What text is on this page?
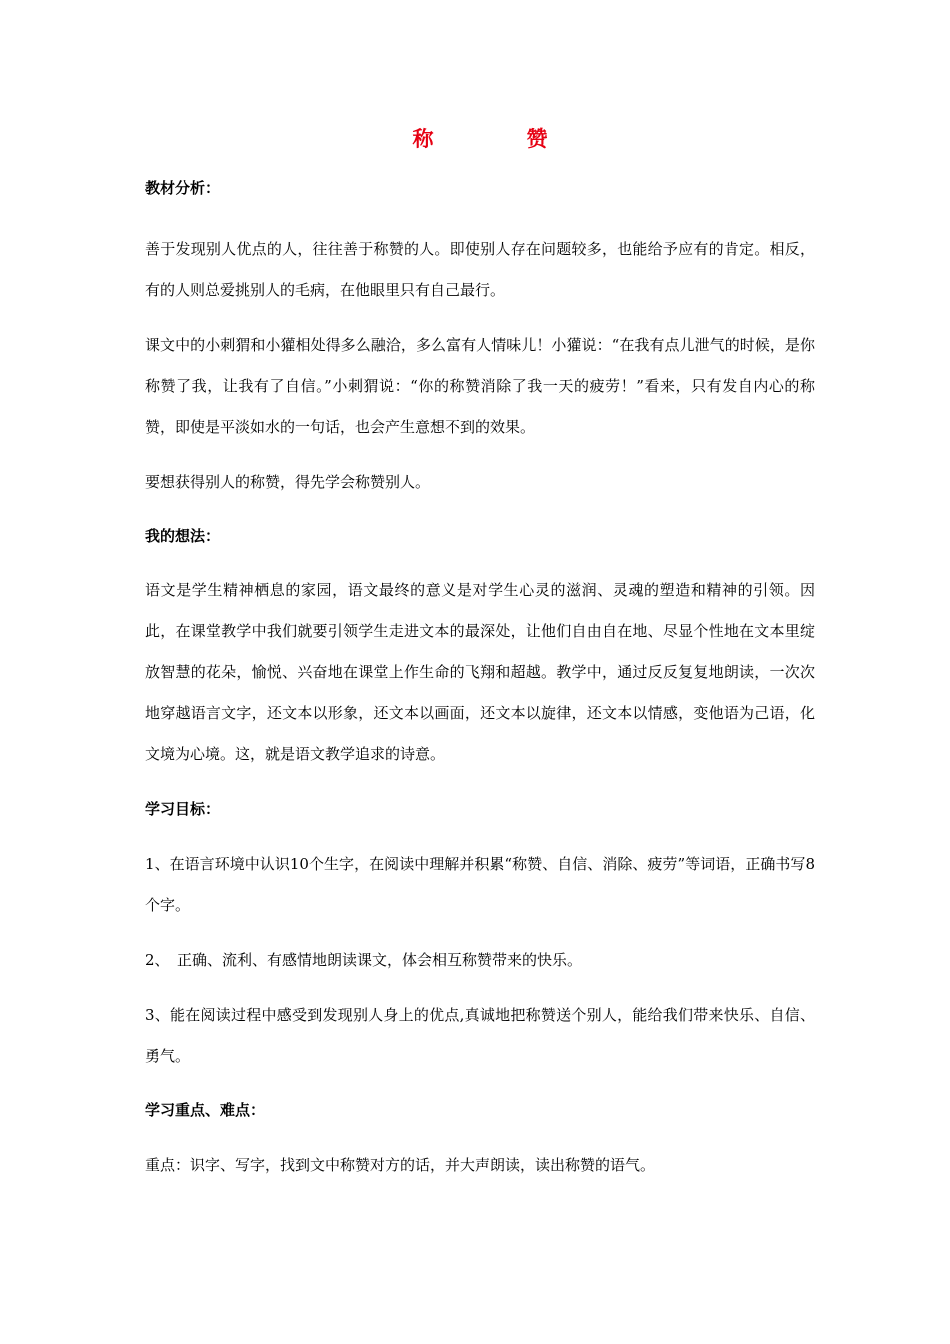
称　赞
教材分析：

善于发现别人优点的人，往往善于称赞的人。即使别人存在问题较多，也能给予应有的肯定。相反，有的人则总爱挑别人的毛病，在他眼里只有自己最行。

课文中的小刺猬和小獾相处得多么融洽，多么富有人情味儿！小獾说：“在我有点儿泄气的时候，是你称赞了我，让我有了自信。”小刺猬说：“你的称赞消除了我一天的疲劳！”看来，只有发自内心的称赞，即使是平淡如水的一句话，也会产生意想不到的效果。

要想获得别人的称赞，得先学会称赞别人。

我的想法：

语文是学生精神栖息的家园，语文最终的意义是对学生心灵的滋润、灵魂的塑造和精神的引领。因此，在课堂教学中我们就要引领学生走进文本的最深处，让他们自由自在地、尽显个性地在文本里绽放智慧的花朵，愉悦、兴奋地在课堂上作生命的飞翔和超越。教学中，通过反反复复地朗读，一次次地穿越语言文字，还文本以形象，还文本以画面，还文本以旋律，还文本以情感，变他语为己语，化文境为心境。这，就是语文教学追求的诗意。

学习目标：

1、在语言环境中认识10个生字，在阅读中理解并积累“称赞、自信、消除、疲劳”等词语，正确书写8个字。

2、　正确、流利、有感情地朗读课文，体会相互称赞带来的快乐。

3、能在阅读过程中感受到发现别人身上的优点,真诚地把称赞送个别人，能给我们带来快乐、自信、勇气。

学习重点、难点：

重点：识字、写字，找到文中称赞对方的话，并大声朗读，读出称赞的语气。
